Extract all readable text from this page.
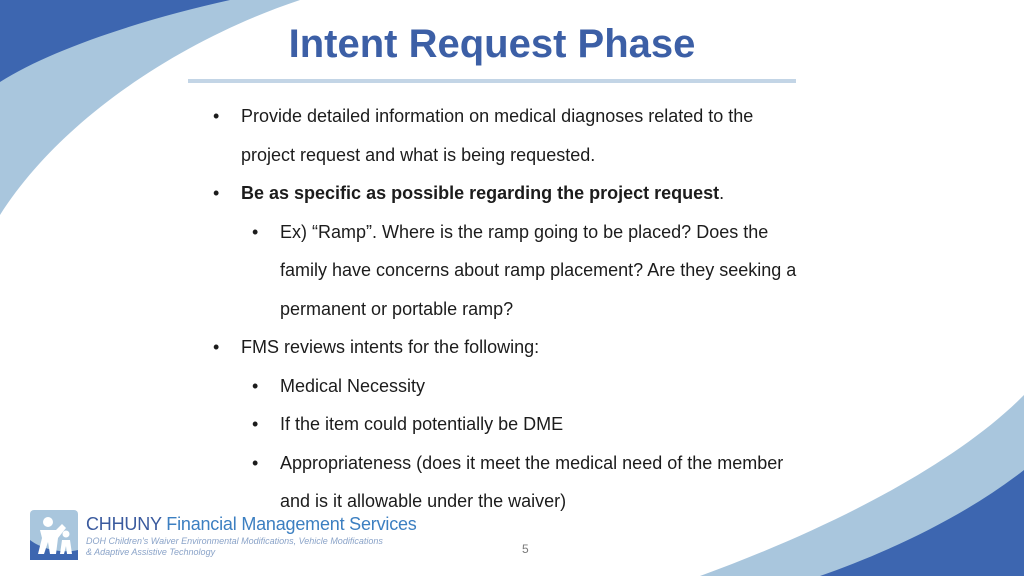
Intent Request Phase

• Provide detailed information on medical diagnoses related to the project request and what is being requested.

• Be as specific as possible regarding the project request.

• Ex) “Ramp”. Where is the ramp going to be placed? Does the family have concerns about ramp placement? Are they seeking a permanent or portable ramp?

• FMS reviews intents for the following:

• Medical Necessity

• If the item could potentially be DME

• Appropriateness (does it meet the medical need of the member and is it allowable under the waiver)

CHHUNY Financial Management Services
DOH Children's Waiver Environmental Modifications, Vehicle Modifications
& Adaptive Assistive Technology	5
